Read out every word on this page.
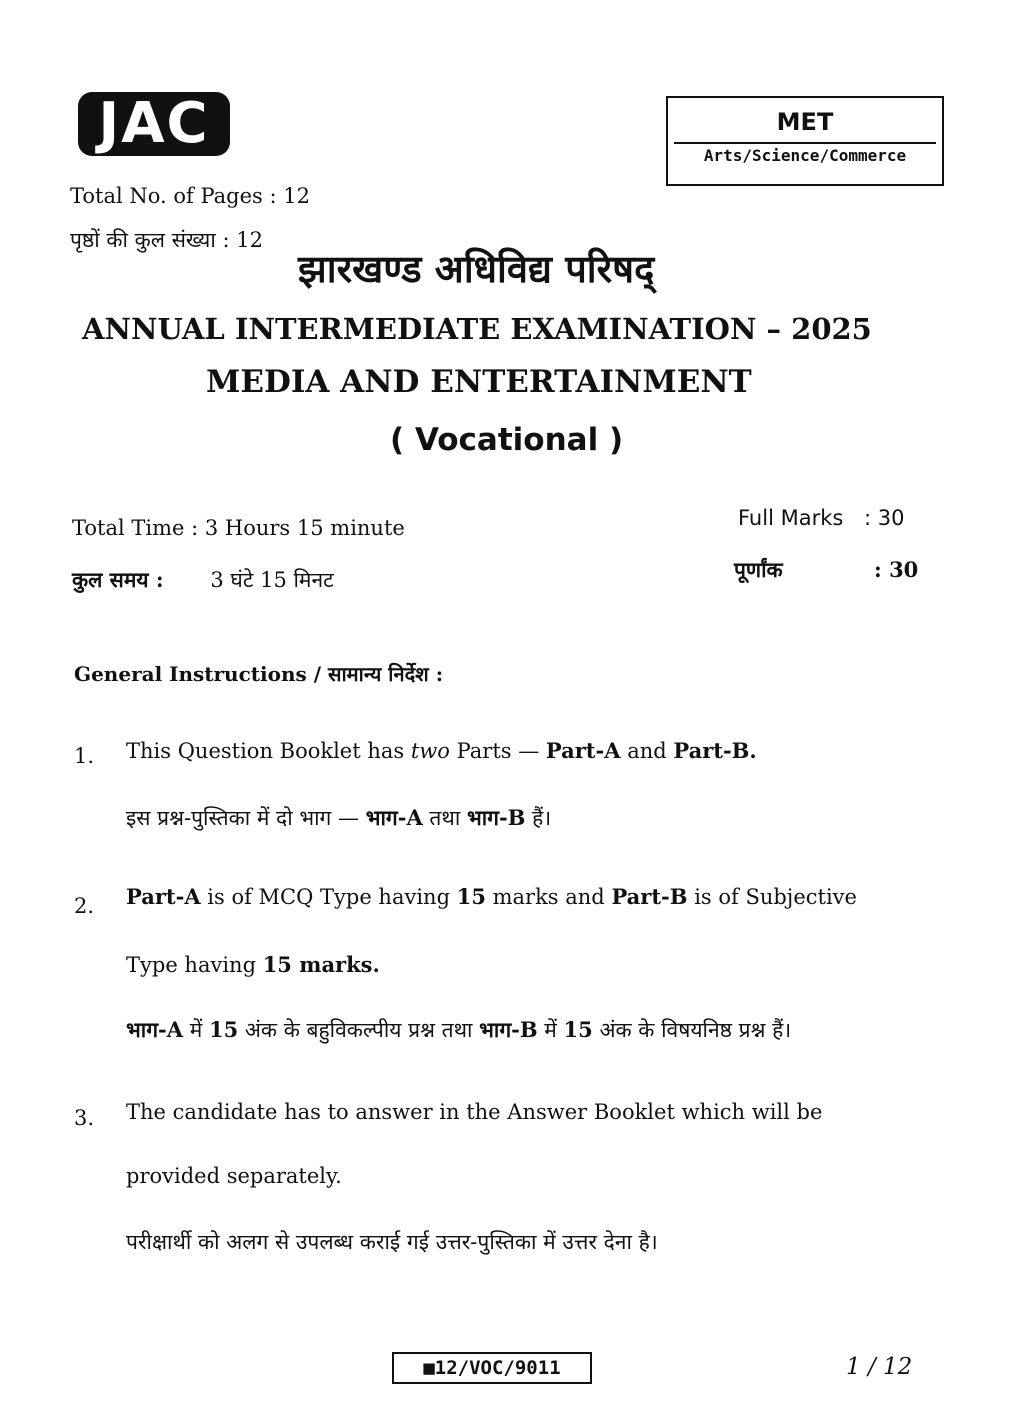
JAC	MET
Arts/Science/Commerce
Total No. of Pages : 12
पृष्ठों की कुल संख्या : 12
झारखण्ड अधिविद्य परिषद्
ANNUAL INTERMEDIATE EXAMINATION – 2025
MEDIA AND ENTERTAINMENT
( Vocational )
Total Time : 3 Hours 15 minute
कुल समय : 3 घंटे 15 मिनट
Full Marks : 30
पूर्णांक	: 30
General Instructions / सामान्य निर्देश :
1. This Question Booklet has two Parts — Part-A and Part-B.
इस प्रश्न-पुस्तिका में दो भाग — भाग-A तथा भाग-B हैं।
2. Part-A is of MCQ Type having 15 marks and Part-B is of Subjective
Type having 15 marks.
भाग-A में 15 अंक के बहुविकल्पीय प्रश्न तथा भाग-B में 15 अंक के विषयनिष्ठ प्रश्न हैं।
3. The candidate has to answer in the Answer Booklet which will be
provided separately.
परीक्षार्थी को अलग से उपलब्ध कराई गई उत्तर-पुस्तिका में उत्तर देना है।
■12/VOC/9011	1 / 12
